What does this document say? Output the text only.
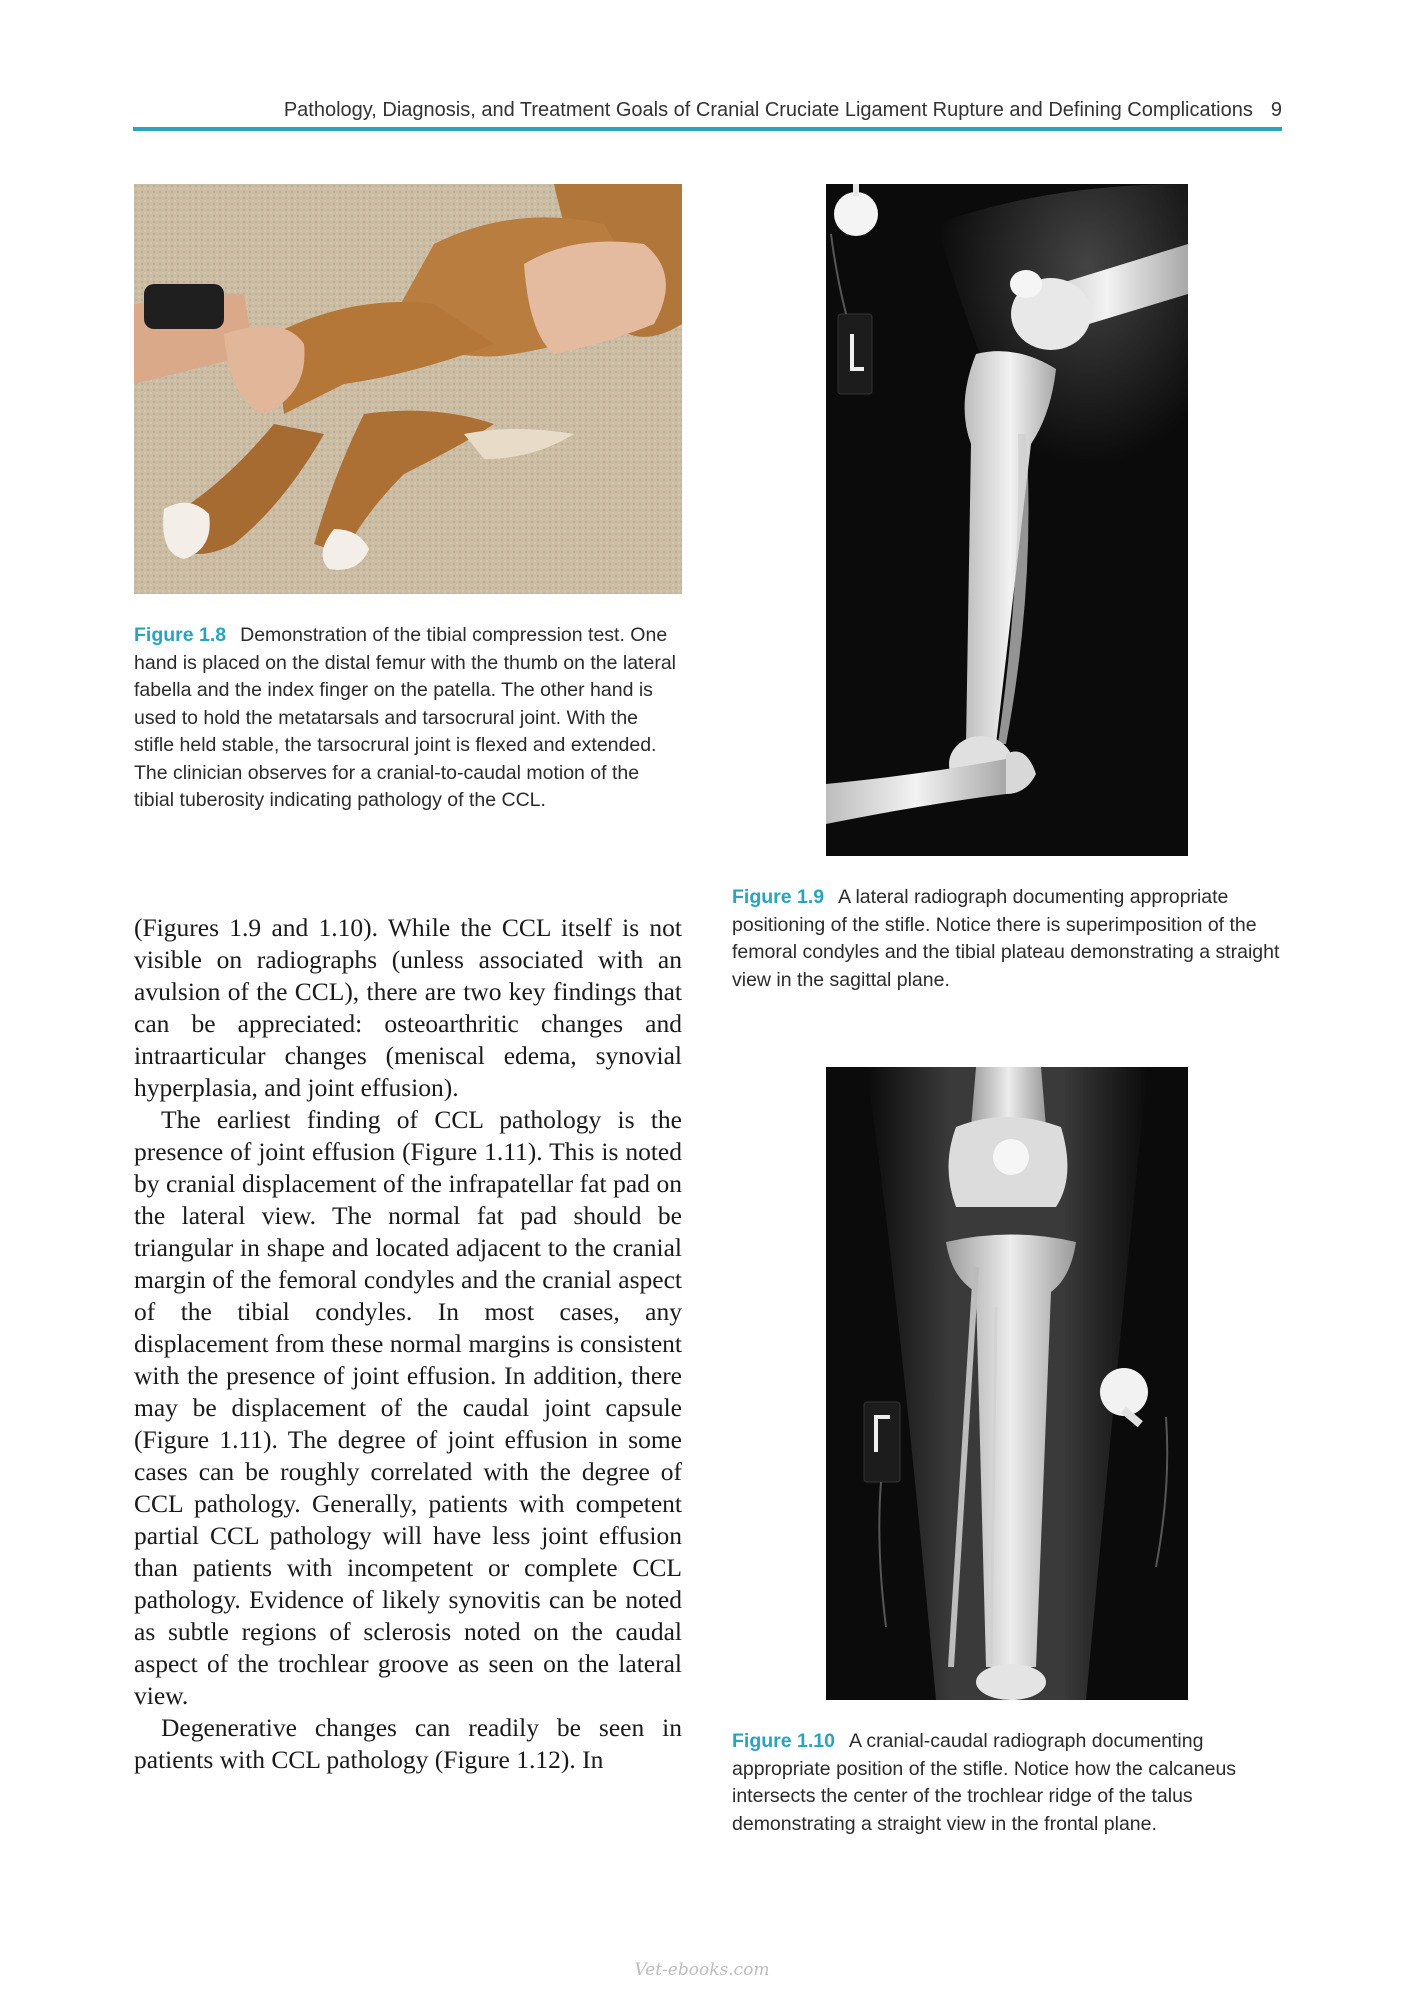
Pathology, Diagnosis, and Treatment Goals of Cranial Cruciate Ligament Rupture and Defining Complications 9
Figure 1.8 Demonstration of the tibial compression test. One hand is placed on the distal femur with the thumb on the lateral fabella and the index finger on the patella. The other hand is used to hold the metatarsals and tarsocrural joint. With the stifle held stable, the tarsocrural joint is flexed and extended. The clinician observes for a cranial-to-caudal motion of the tibial tuberosity indicating pathology of the CCL.
Figure 1.9 A lateral radiograph documenting appropriate positioning of the stifle. Notice there is superimposition of the femoral condyles and the tibial plateau demonstrating a straight view in the sagittal plane.
Figure 1.10 A cranial-caudal radiograph documenting appropriate position of the stifle. Notice how the calcaneus intersects the center of the trochlear ridge of the talus demonstrating a straight view in the frontal plane.

(Figures 1.9 and 1.10). While the CCL itself is not visible on radiographs (unless associated with an avulsion of the CCL), there are two key findings that can be appreciated: osteoarthritic changes and intraarticular changes (meniscal edema, synovial hyperplasia, and joint effusion).

The earliest finding of CCL pathology is the presence of joint effusion (Figure 1.11). This is noted by cranial displacement of the infrapatellar fat pad on the lateral view. The normal fat pad should be triangular in shape and located adjacent to the cranial margin of the femoral condyles and the cranial aspect of the tibial condyles. In most cases, any displacement from these normal margins is consistent with the presence of joint effusion. In addition, there may be displacement of the caudal joint capsule (Figure 1.11). The degree of joint effusion in some cases can be roughly correlated with the degree of CCL pathology. Generally, patients with competent partial CCL pathology will have less joint effusion than patients with incompetent or complete CCL pathology. Evidence of likely synovitis can be noted as subtle regions of sclerosis noted on the caudal aspect of the trochlear groove as seen on the lateral view.

Degenerative changes can readily be seen in patients with CCL pathology (Figure 1.12). In

Vet-ebooks.com
